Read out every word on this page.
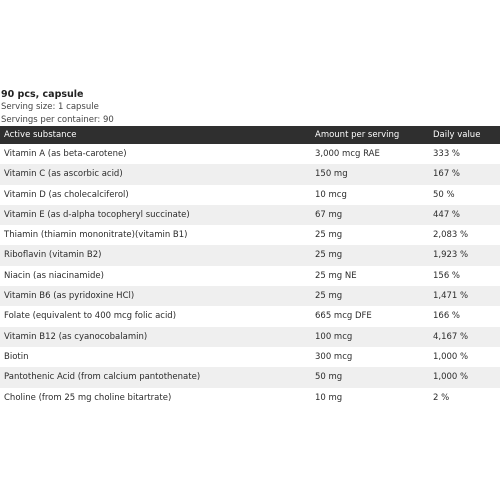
90 pcs, capsule
Serving size: 1 capsule
Servings per container: 90
Active substance	Amount per serving	Daily value
Vitamin A (as beta-carotene)	3,000 mcg RAE	333 %
Vitamin C (as ascorbic acid)	150 mg	167 %
Vitamin D (as cholecalciferol)	10 mcg	50 %
Vitamin E (as d-alpha tocopheryl succinate)	67 mg	447 %
Thiamin (thiamin mononitrate)(vitamin B1)	25 mg	2,083 %
Riboflavin (vitamin B2)	25 mg	1,923 %
Niacin (as niacinamide)	25 mg NE	156 %
Vitamin B6 (as pyridoxine HCl)	25 mg	1,471 %
Folate (equivalent to 400 mcg folic acid)	665 mcg DFE	166 %
Vitamin B12 (as cyanocobalamin)	100 mcg	4,167 %
Biotin	300 mcg	1,000 %
Pantothenic Acid (from calcium pantothenate)	50 mg	1,000 %
Choline (from 25 mg choline bitartrate)	10 mg	2 %
